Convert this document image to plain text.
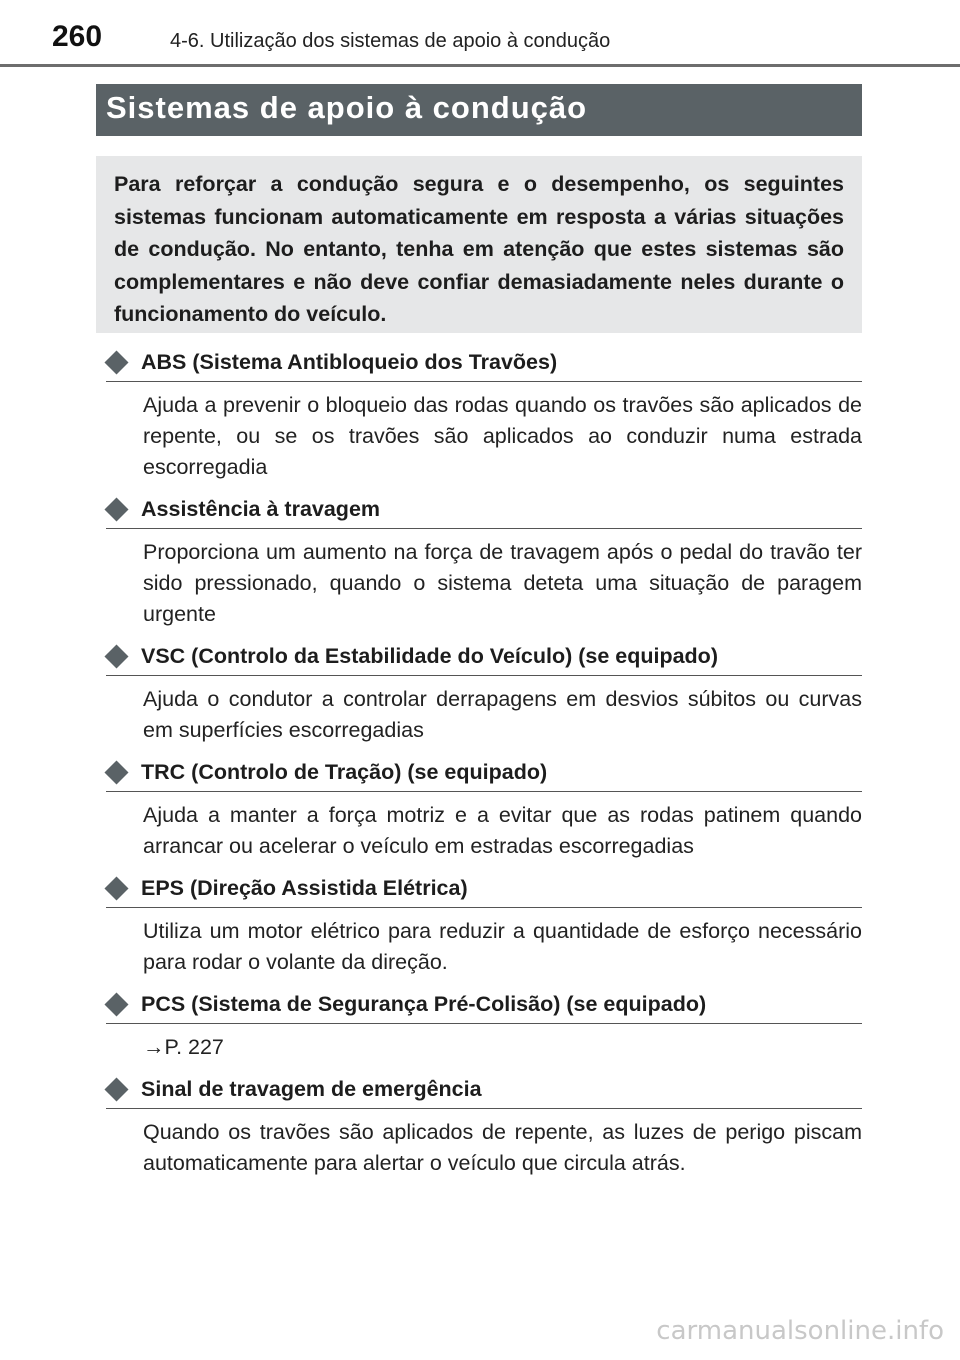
260	4-6. Utilização dos sistemas de apoio à condução
Sistemas de apoio à condução

Para reforçar a condução segura e o desempenho, os seguintes sistemas funcionam automaticamente em resposta a várias situações de condução. No entanto, tenha em atenção que estes sistemas são complementares e não deve confiar demasiadamente neles durante o funcionamento do veículo.

ABS (Sistema Antibloqueio dos Travões)
Ajuda a prevenir o bloqueio das rodas quando os travões são aplicados de repente, ou se os travões são aplicados ao conduzir numa estrada escorregadia
Assistência à travagem
Proporciona um aumento na força de travagem após o pedal do travão ter sido pressionado, quando o sistema deteta uma situação de paragem urgente
VSC (Controlo da Estabilidade do Veículo) (se equipado)
Ajuda o condutor a controlar derrapagens em desvios súbitos ou curvas em superfícies escorregadias
TRC (Controlo de Tração) (se equipado)
Ajuda a manter a força motriz e a evitar que as rodas patinem quando arrancar ou acelerar o veículo em estradas escorregadias
EPS (Direção Assistida Elétrica)
Utiliza um motor elétrico para reduzir a quantidade de esforço necessário para rodar o volante da direção.
PCS (Sistema de Segurança Pré-Colisão) (se equipado)
→P. 227
Sinal de travagem de emergência
Quando os travões são aplicados de repente, as luzes de perigo piscam automaticamente para alertar o veículo que circula atrás.
carmanualsonline.info
